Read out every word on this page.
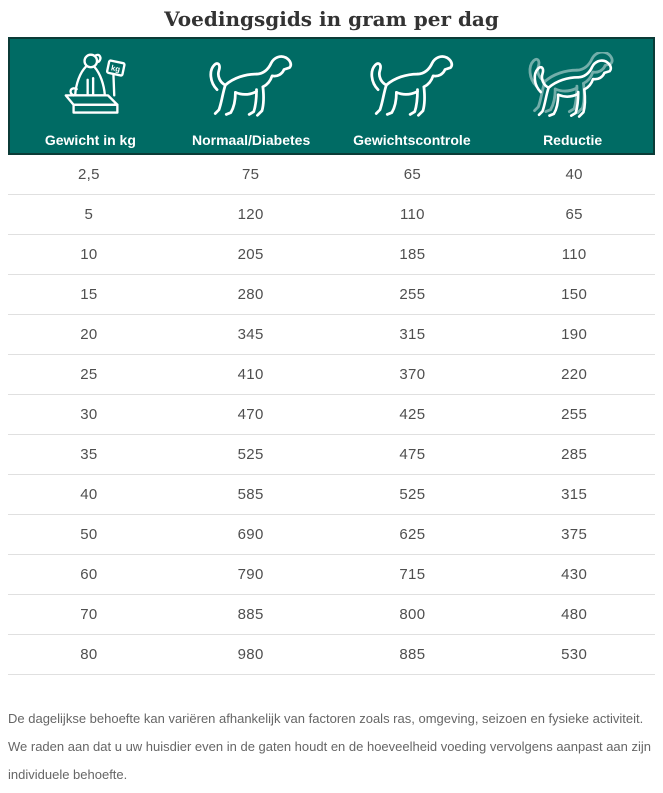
Voedingsgids in gram per dag
kg
Gewicht in kg	Normaal/Diabetes	Gewichtscontrole	Reductie
2,5	75	65	40
5	120	110	65
10	205	185	110
15	280	255	150
20	345	315	190
25	410	370	220
30	470	425	255
35	525	475	285
40	585	525	315
50	690	625	375
60	790	715	430
70	885	800	480
80	980	885	530

De dagelijkse behoefte kan variëren afhankelijk van factoren zoals ras, omgeving, seizoen en fysieke activiteit. We raden aan dat u uw huisdier even in de gaten houdt en de hoeveelheid voeding vervolgens aanpast aan zijn individuele behoefte.
